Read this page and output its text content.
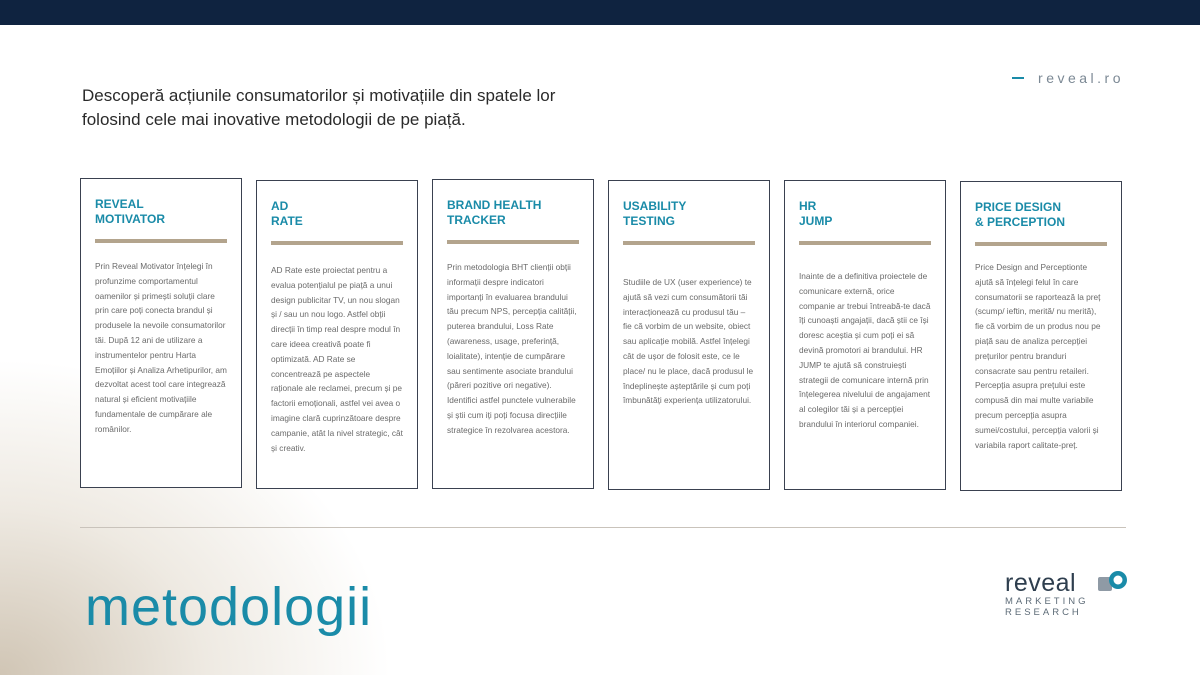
reveal.ro
Descoperă acțiunile consumatorilor și motivațiile din spatele lor
folosind cele mai inovative metodologii de pe piață.
REVEAL
MOTIVATOR
Prin Reveal Motivator înțelegi în profunzime comportamentul oamenilor și primești soluții clare prin care poți conecta brandul și produsele la nevoile consumatorilor tăi. După 12 ani de utilizare a instrumentelor pentru Harta Emoțiilor și Analiza Arhetipurilor, am dezvoltat acest tool care integrează natural și eficient motivațiile fundamentale de cumpărare ale românilor.
AD
RATE
AD Rate este proiectat pentru a evalua potențialul pe piață a unui design publicitar TV, un nou slogan și / sau un nou logo. Astfel obții direcții în timp real despre modul în care ideea creativă poate fi optimizată. AD Rate se concentrează pe aspectele raționale ale reclamei, precum și pe factorii emoționali, astfel vei avea o imagine clară cuprinzătoare despre campanie, atât la nivel strategic, cât și creativ.
BRAND HEALTH
TRACKER
Prin metodologia BHT clienții obții informații despre indicatori importanți în evaluarea brandului tău precum NPS, percepția calității, puterea brandului, Loss Rate (awareness, usage, preferință, loialitate), intenție de cumpărare sau sentimente asociate brandului (păreri pozitive ori negative). Identifici astfel punctele vulnerabile și știi cum iți poți focusa direcțiile strategice în rezolvarea acestora.
USABILITY
TESTING
Studiile de UX (user experience) te ajută să vezi cum consumătorii tăi interacționează cu produsul tău – fie că vorbim de un website, obiect sau aplicație mobilă. Astfel înțelegi cât de ușor de folosit este, ce le place/ nu le place, dacă produsul le îndeplinește așteptările și cum poți îmbunătăți experiența utilizatorului.
HR
JUMP
Inainte de a definitiva proiectele de comunicare externă, orice companie ar trebui întreabă-te dacă îți cunoaști angajații, dacă știi ce își doresc aceștia și cum poți ei să devină promotori ai brandului. HR JUMP te ajută să construiești strategii de comunicare internă prin înțelegerea nivelului de angajament al colegilor tăi și a percepției brandului în interiorul companiei.
PRICE DESIGN
& PERCEPTION
Price Design and Perceptionte ajută să înțelegi felul în care consumatorii se raportează la preț (scump/ ieftin, merită/ nu merită), fie că vorbim de un produs nou pe piață sau de analiza percepției prețurilor pentru branduri consacrate sau pentru retaileri. Percepția asupra prețului este compusă din mai multe variabile precum percepția asupra sumei/costului, percepția valorii și variabila raport calitate-preț.
metodologii	reveal
MARKETING
RESEARCH
